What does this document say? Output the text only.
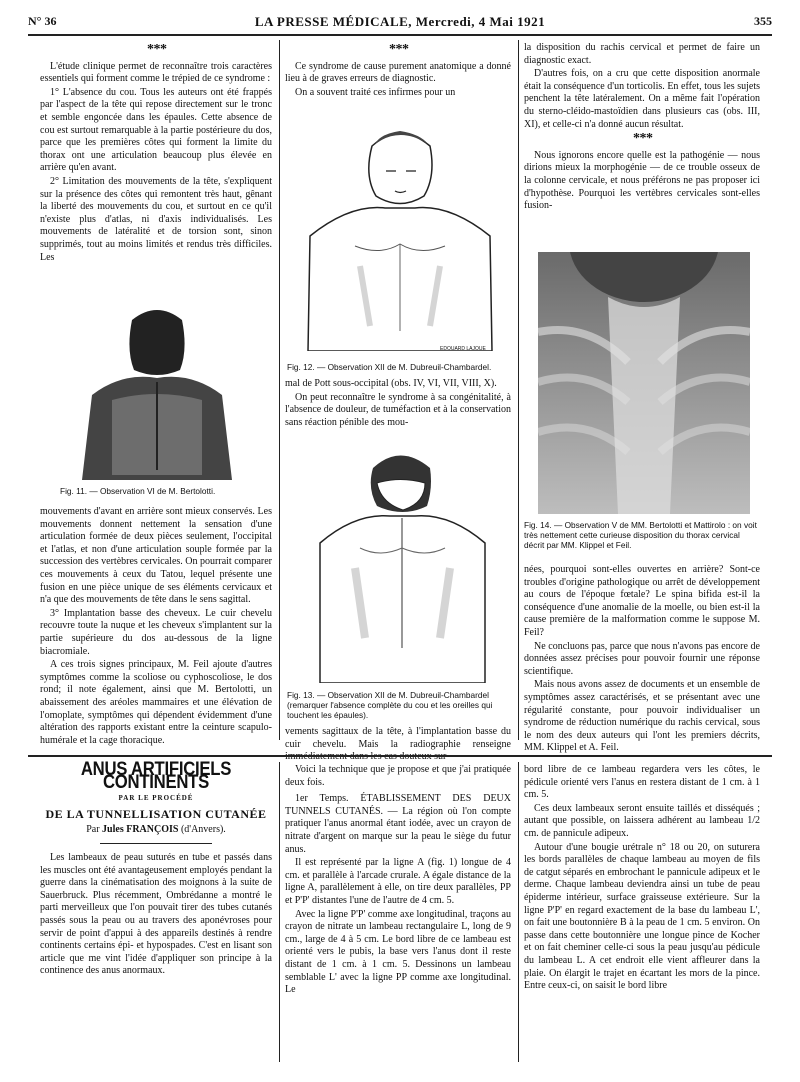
N° 36	LA PRESSE MÉDICALE, Mercredi, 4 Mai 1921	355
* * *

L'étude clinique permet de reconnaître trois caractères essentiels qui forment comme le trépied de ce syndrome :

1° L'absence du cou. Tous les auteurs ont été frappés par l'aspect de la tête qui repose directement sur le tronc et semble engoncée dans les épaules. Cette absence de cou est surtout remarquable à la partie postérieure du dos, parce que les premières côtes qui forment la limite du thorax ont une articulation beaucoup plus élevée en arrière qu'en avant.

2° Limitation des mouvements de la tête, s'expliquent sur la présence des côtes qui remontent très haut, gênant la liberté des mouvements du cou, et surtout en ce qu'il n'existe plus d'atlas, ni d'axis individualisés. Les mouvements de latéralité et de torsion sont, sinon supprimés, tout au moins limités et rendus très difficiles. Les

Fig. 11. — Observation VI de M. Bertolotti.

mouvements d'avant en arrière sont mieux conservés. Les mouvements donnent nettement la sensation d'une articulation formée de deux pièces seulement, l'occipital et l'atlas, et non d'une articulation souple formée par la succession des vertèbres cervicales. On pourrait comparer ces mouvements à ceux du Tatou, lequel présente une fusion en une pièce unique de ses éléments cervicaux et n'a que des mouvements de tête dans le sens sagittal.

3° Implantation basse des cheveux. Le cuir chevelu recouvre toute la nuque et les cheveux s'implantent sur la partie supérieure du dos au-dessous de la ligne biacromiale.

A ces trois signes principaux, M. Feil ajoute d'autres symptômes comme la scoliose ou cyphoscoliose, le dos rond; il note également, ainsi que M. Bertolotti, un abaissement des aréoles mammaires et une élévation de l'omoplate, symptômes qui dépendent évidemment d'une altération des rapports existant entre la ceinture scapulo-humérale et la cage thoracique.

* * *

Ce syndrome de cause purement anatomique a donné lieu à de graves erreurs de diagnostic.

On a souvent traité ces infirmes pour un

EDOUARD LAJOUE
Fig. 12. — Observation XII de M. Dubreuil-Chambardel.

mal de Pott sous-occipital (obs. IV, VI, VII, VIII, X).

On peut reconnaître le syndrome à sa congénitalité, à l'absence de douleur, de tuméfaction et à la conservation sans réaction pénible des mou-

Fig. 13. — Observation XII de M. Dubreuil-Chambardel (remarquer l'absence complète du cou et les oreilles qui touchent les épaules).

vements sagittaux de la tête, à l'implantation basse du cuir chevelu. Mais la radiographie renseigne

la disposition du rachis cervical et permet de faire un diagnostic exact.

D'autres fois, on a cru que cette disposition anormale était la conséquence d'un torticolis. En effet, tous les sujets penchent la tête latéralement. On a même fait l'opération du sterno-cléido-mastoïdien dans plusieurs cas (obs. III, XI), et celle-ci n'a donné aucun résultat.

* * *

Nous ignorons encore quelle est la pathogénie — nous dirions mieux la morphogénie — de ce trouble osseux de la colonne cervicale, et nous préférons ne pas proposer ici d'hypothèse. Pourquoi les vertèbres cervicales sont-elles fusion-

Fig. 14. — Observation V de MM. Bertolotti et Mattirolo : on voit très nettement cette curieuse disposition du thorax cervical décrit par MM. Klippel et Feil.

nées, pourquoi sont-elles ouvertes en arrière? Sont-ce troubles d'origine pathologique ou arrêt de développement au cours de l'époque fœtale? Le spina bifida est-il la conséquence d'une anomalie de la moelle, ou bien est-il la cause première de la malformation comme le suppose M. Feil?

Ne concluons pas, parce que nous n'avons pas encore de données assez précises pour pouvoir fournir une réponse scientifique.

Mais nous avons assez de documents et un ensemble de symptômes assez caractérisés, et se présentant avec une régularité constante, pour pouvoir individualiser un syndrome de réduction numérique du rachis cervical, sous le nom des deux auteurs qui l'ont les premiers décrits, MM. Klippel et A. Feil.

ANUS ARTIFICIELS CONTINENTS
PAR LE PROCÉDÉ
DE LA TUNNELLISATION CUTANÉE
Par Jules FRANÇOIS (d'Anvers).

Les lambeaux de peau suturés en tube et passés dans les muscles ont été avantageusement employés pendant la guerre dans la cinématisation des moignons à la suite de Sauerbruck. Plus récemment, Ombrédanne a montré le parti merveilleux que l'on pouvait tirer des tubes cutanés passés sous la peau ou au travers des aponévroses pour servir de point d'appui à des appareils destinés à rendre continents certains épi- et hypospades. C'est en lisant son article que me vint l'idée d'appliquer son principe à la continence des anus anormaux.

Voici la technique que je propose et que j'ai pratiquée deux fois.

1er Temps. ÉTABLISSEMENT DES DEUX TUNNELS CUTANÉS. — La région où l'on compte pratiquer l'anus anormal étant iodée, avec un crayon de nitrate d'argent on marque sur la peau le siège du futur anus.

Il est représenté par la ligne A (fig. 1) longue de 4 cm. et parallèle à l'arcade crurale. A égale distance de la ligne A, parallèlement à elle, on tire deux parallèles, PP et P'P' distantes l'une de l'autre de 4 cm. 5.

Avec la ligne P'P' comme axe longitudinal, traçons au crayon de nitrate un lambeau rectangulaire L, long de 9 cm., large de 4 à 5 cm. Le bord libre de ce lambeau est orienté vers le pubis, la base vers l'anus dont il reste distant de 1 cm. à 1 cm. 5. Dessinons un lambeau semblable L' avec la ligne PP comme axe longitudinal. Le

bord libre de ce lambeau regardera vers les côtes, le pédicule orienté vers l'anus en restera distant de 1 cm. à 1 cm. 5.

Ces deux lambeaux seront ensuite taillés et disséqués ; autant que possible, on laissera adhérent au lambeau 1/2 cm. de pannicule adipeux.

Autour d'une bougie urétrale n° 18 ou 20, on suturera les bords parallèles de chaque lambeau au moyen de fils de catgut séparés en embrochant le pannicule adipeux et le derme. Chaque lambeau deviendra ainsi un tube de peau épiderme intérieur, surface graisseuse extérieure. Sur la ligne P'P' en regard exactement de la base du lambeau L', on fait une boutonnière B à la peau de 1 cm. 5 environ. On passe dans cette boutonnière une longue pince de Kocher et on fait cheminer celle-ci sous la peau jusqu'au pédicule du lambeau L. A cet endroit elle vient affleurer dans la plaie. On élargit le trajet en écartant les mors de la pince. Entre ceux-ci, on saisit le bord libre
